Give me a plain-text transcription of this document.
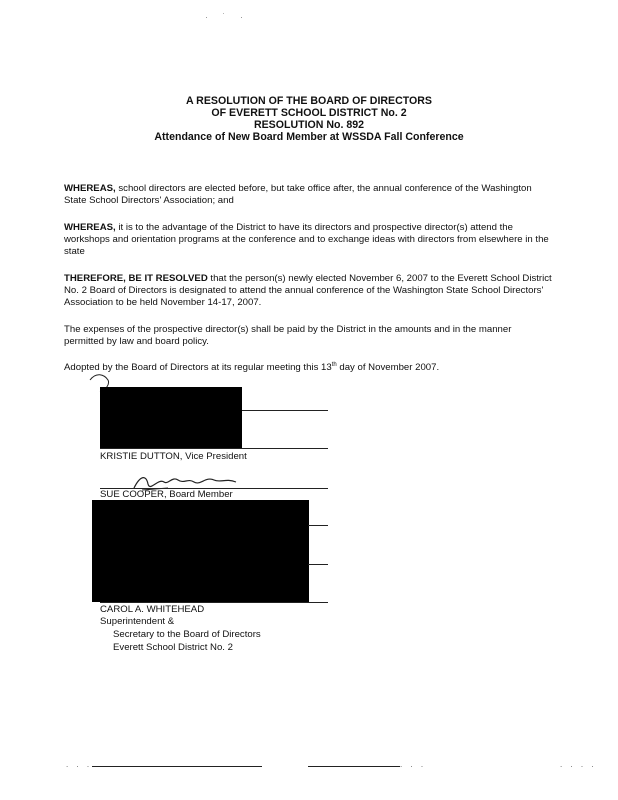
· ˙ ·
A RESOLUTION OF THE BOARD OF DIRECTORS
OF EVERETT SCHOOL DISTRICT No. 2
RESOLUTION No. 892
Attendance of New Board Member at WSSDA Fall Conference

WHEREAS, school directors are elected before, but take office after, the annual conference of the Washington State School Directors' Association; and

WHEREAS, it is to the advantage of the District to have its directors and prospective director(s) attend the workshops and orientation programs at the conference and to exchange ideas with directors from elsewhere in the state

THEREFORE, BE IT RESOLVED that the person(s) newly elected November 6, 2007 to the Everett School District No. 2 Board of Directors is designated to attend the annual conference of the Washington State School Directors' Association to be held November 14-17, 2007.

The expenses of the prospective director(s) shall be paid by the District in the amounts and in the manner permitted by law and board policy.

Adopted by the Board of Directors at its regular meeting this 13th day of November 2007.

KRISTIE DUTTON, Vice President
SUE COOPER, Board Member
CAROL A. WHITEHEAD
Superintendent &
Secretary to the Board of Directors
Everett School District No. 2
. . .	. . .	. . . .
